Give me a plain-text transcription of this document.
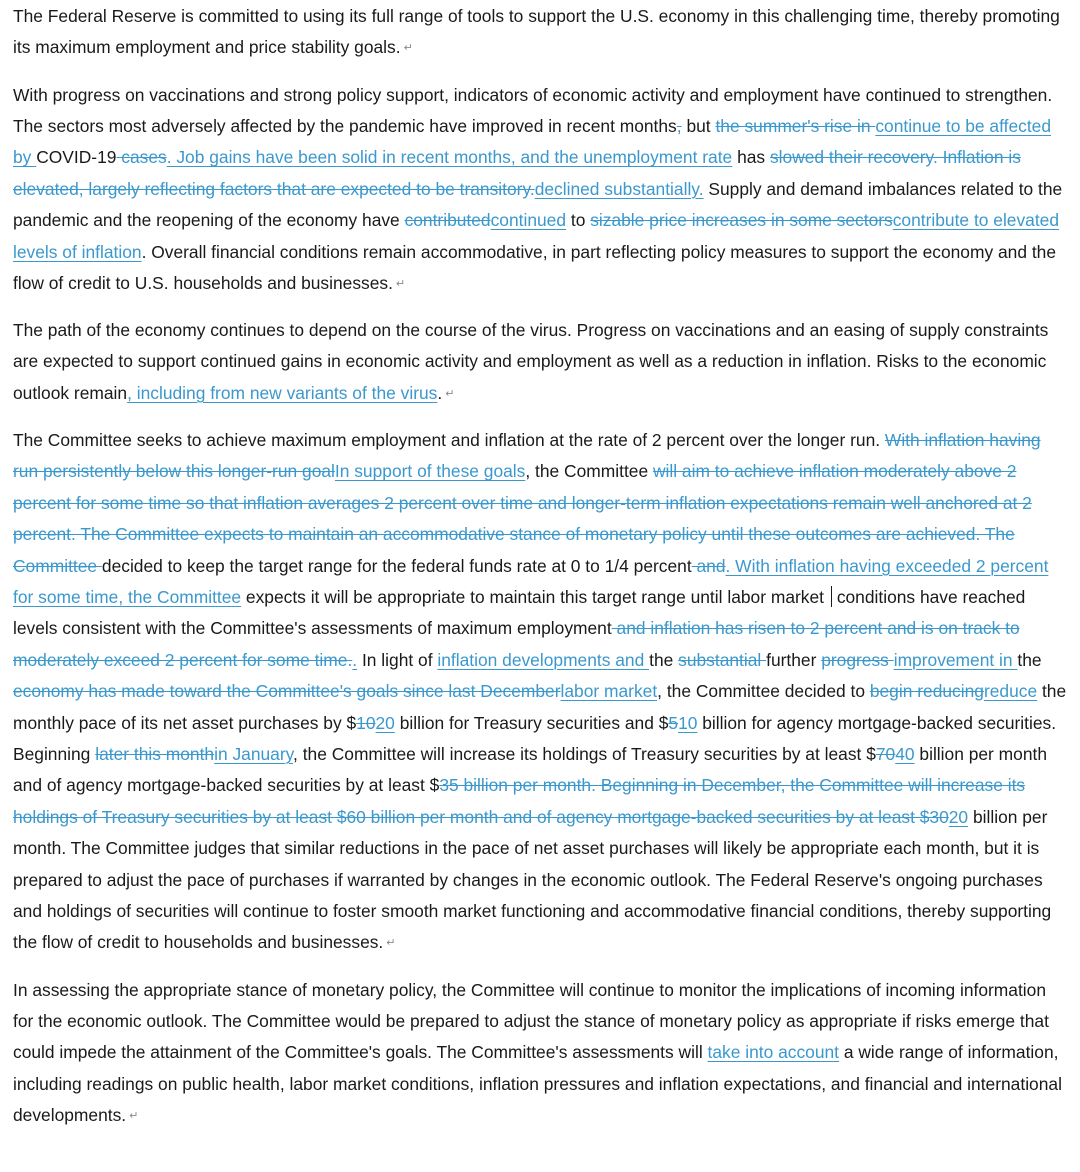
The Federal Reserve is committed to using its full range of tools to support the U.S. economy in this challenging time, thereby promoting its maximum employment and price stability goals. ↵

With progress on vaccinations and strong policy support, indicators of economic activity and employment have continued to strengthen. The sectors most adversely affected by the pandemic have improved in recent months, but the summer's rise in continue to be affected by COVID-19 cases. Job gains have been solid in recent months, and the unemployment rate has slowed their recovery. Inflation is elevated, largely reflecting factors that are expected to be transitory.declined substantially. Supply and demand imbalances related to the pandemic and the reopening of the economy have contributedcontinued to sizable price increases in some sectorscontribute to elevated levels of inflation. Overall financial conditions remain accommodative, in part reflecting policy measures to support the economy and the flow of credit to U.S. households and businesses. ↵

The path of the economy continues to depend on the course of the virus. Progress on vaccinations and an easing of supply constraints are expected to support continued gains in economic activity and employment as well as a reduction in inflation. Risks to the economic outlook remain, including from new variants of the virus. ↵

The Committee seeks to achieve maximum employment and inflation at the rate of 2 percent over the longer run. With inflation having run persistently below this longer-run goalIn support of these goals, the Committee will aim to achieve inflation moderately above 2 percent for some time so that inflation averages 2 percent over time and longer-term inflation expectations remain well anchored at 2 percent. The Committee expects to maintain an accommodative stance of monetary policy until these outcomes are achieved. The Committee decided to keep the target range for the federal funds rate at 0 to 1/4 percent and. With inflation having exceeded 2 percent for some time, the Committee expects it will be appropriate to maintain this target range until labor market conditions have reached levels consistent with the Committee's assessments of maximum employment and inflation has risen to 2 percent and is on track to moderately exceed 2 percent for some time.. In light of inflation developments and the substantial further progress improvement in the economy has made toward the Committee's goals since last Decemberlabor market, the Committee decided to begin reducingreduce the monthly pace of its net asset purchases by $1020 billion for Treasury securities and $510 billion for agency mortgage-backed securities. Beginning later this monthin January, the Committee will increase its holdings of Treasury securities by at least $7040 billion per month and of agency mortgage-backed securities by at least $35 billion per month. Beginning in December, the Committee will increase its holdings of Treasury securities by at least $60 billion per month and of agency mortgage-backed securities by at least $3020 billion per month. The Committee judges that similar reductions in the pace of net asset purchases will likely be appropriate each month, but it is prepared to adjust the pace of purchases if warranted by changes in the economic outlook. The Federal Reserve's ongoing purchases and holdings of securities will continue to foster smooth market functioning and accommodative financial conditions, thereby supporting the flow of credit to households and businesses. ↵

In assessing the appropriate stance of monetary policy, the Committee will continue to monitor the implications of incoming information for the economic outlook. The Committee would be prepared to adjust the stance of monetary policy as appropriate if risks emerge that could impede the attainment of the Committee's goals. The Committee's assessments will take into account a wide range of information, including readings on public health, labor market conditions, inflation pressures and inflation expectations, and financial and international developments. ↵
